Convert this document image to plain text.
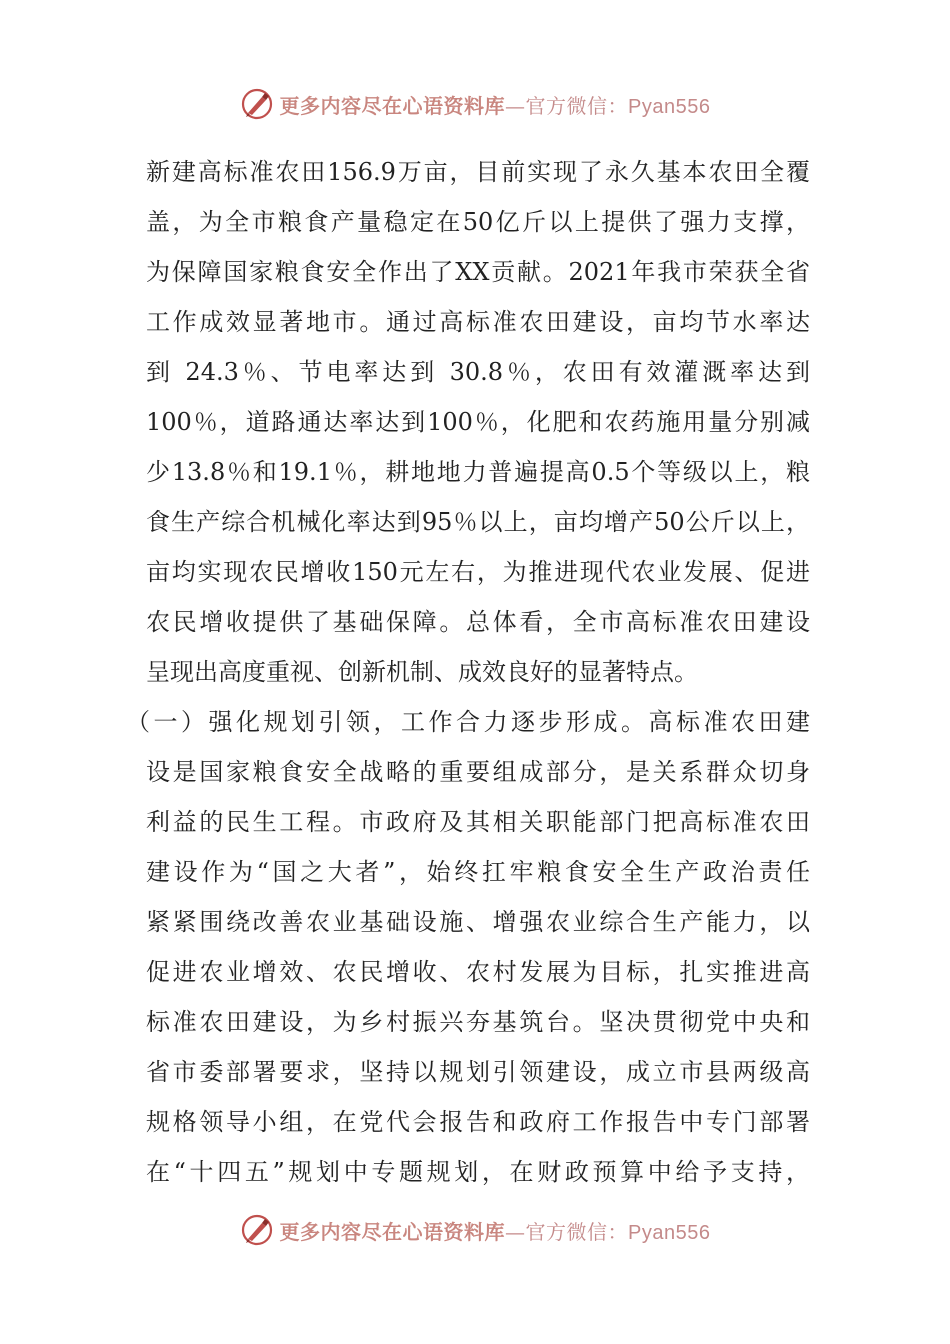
更多内容尽在心语资料库—官方微信：Pyan556
新建高标准农田156.9万亩，目前实现了永久基本农田全覆
盖，为全市粮食产量稳定在50亿斤以上提供了强力支撑，
为保障国家粮食安全作出了XX贡献。2021年我市荣获全省
工作成效显著地市。通过高标准农田建设，亩均节水率达
到 24.3％、节电率达到 30.8％，农田有效灌溉率达到
100％，道路通达率达到100％，化肥和农药施用量分别减
少13.8％和19.1％，耕地地力普遍提高0.5个等级以上，粮
食生产综合机械化率达到95％以上，亩均增产50公斤以上，
亩均实现农民增收150元左右，为推进现代农业发展、促进
农民增收提供了基础保障。总体看，全市高标准农田建设
呈现出高度重视、创新机制、成效良好的显著特点。
（一）强化规划引领，工作合力逐步形成。高标准农田建
设是国家粮食安全战略的重要组成部分，是关系群众切身
利益的民生工程。市政府及其相关职能部门把高标准农田
建设作为“国之大者”，始终扛牢粮食安全生产政治责任
紧紧围绕改善农业基础设施、增强农业综合生产能力，以
促进农业增效、农民增收、农村发展为目标，扎实推进高
标准农田建设，为乡村振兴夯基筑台。坚决贯彻党中央和
省市委部署要求，坚持以规划引领建设，成立市县两级高
规格领导小组，在党代会报告和政府工作报告中专门部署
在“十四五”规划中专题规划，在财政预算中给予支持，
更多内容尽在心语资料库—官方微信：Pyan556
